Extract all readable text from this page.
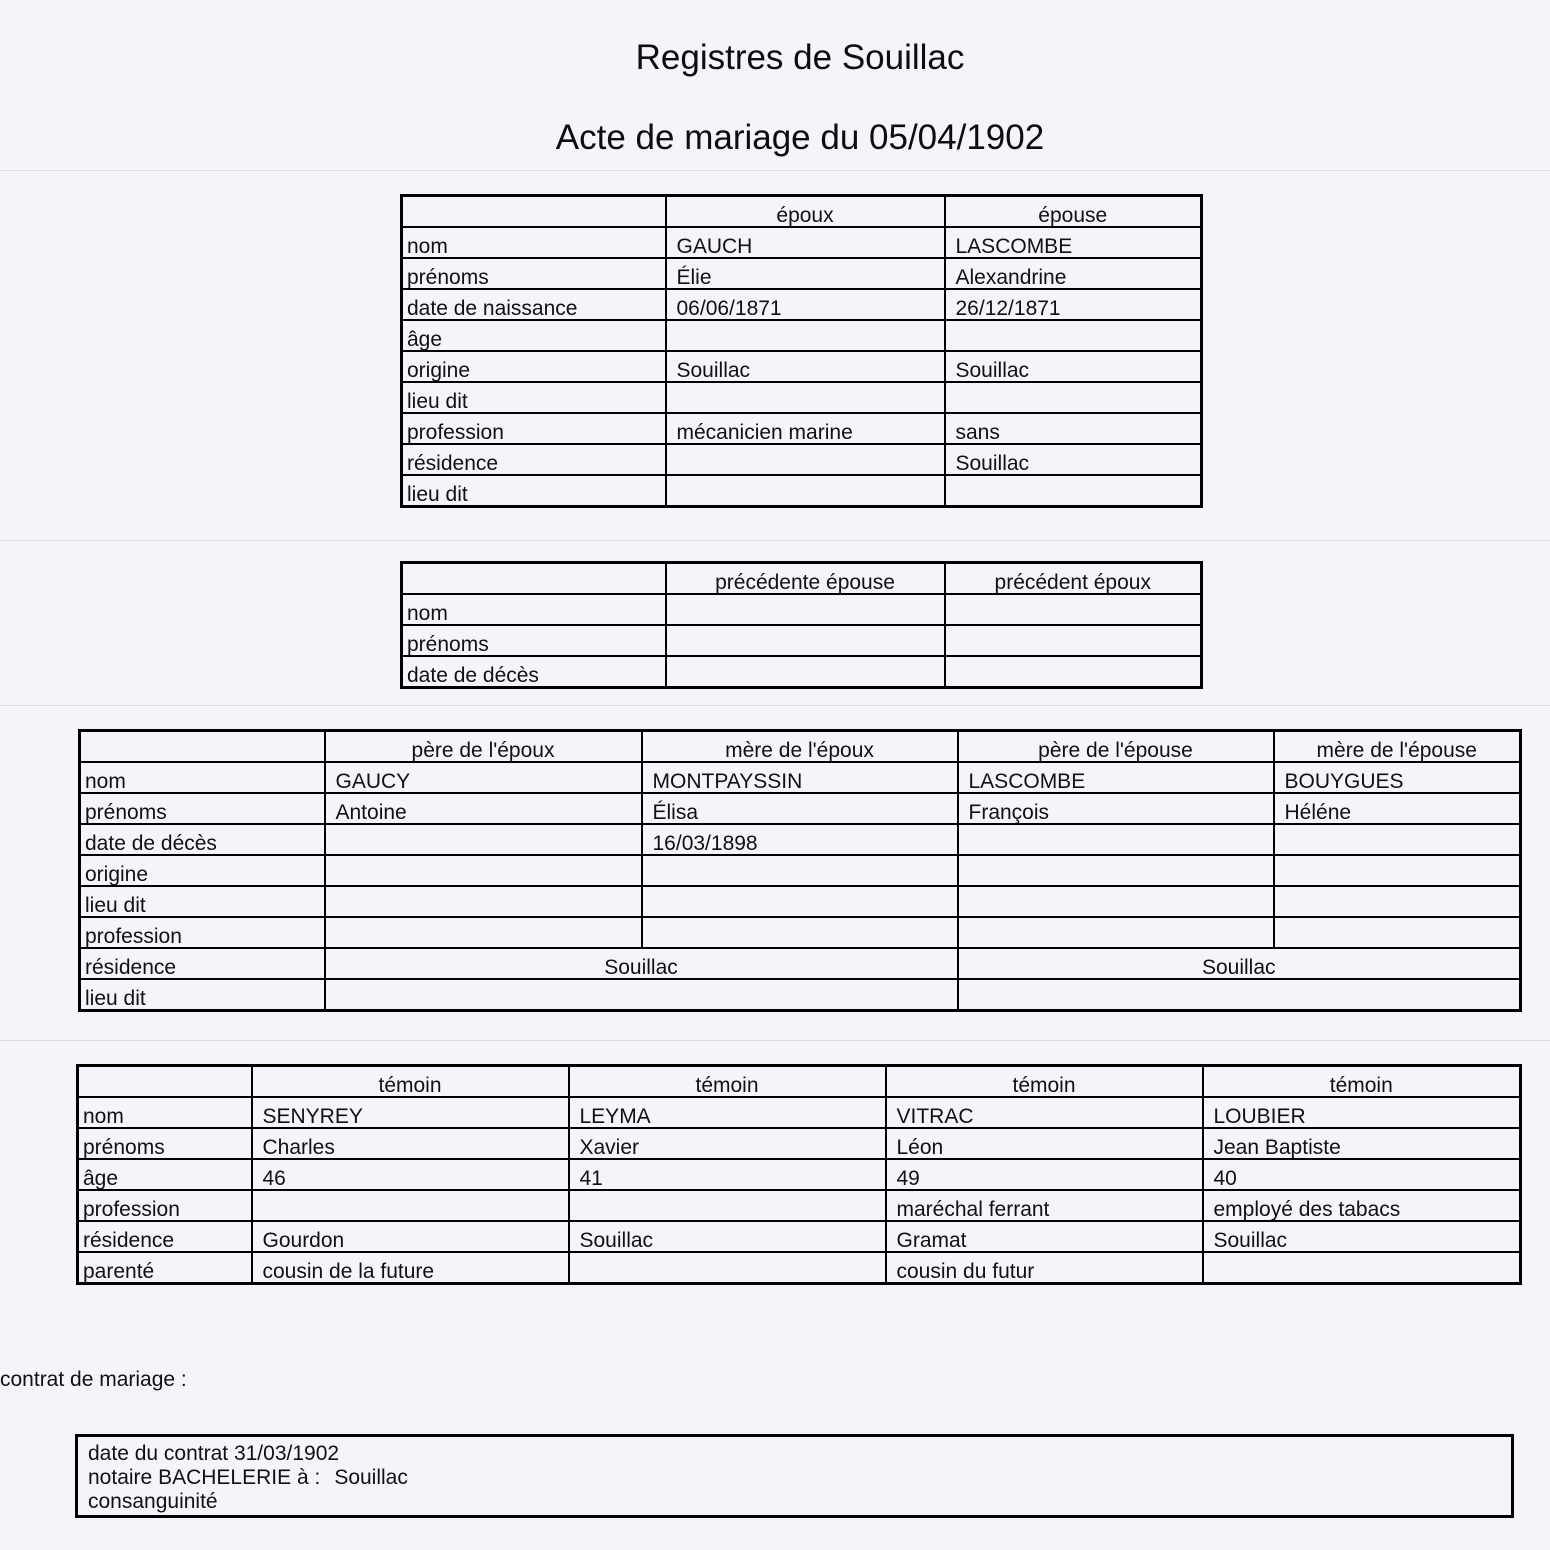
Registres de Souillac
Acte de mariage du 05/04/1902
	époux	épouse
nom	GAUCH	LASCOMBE
prénoms	Élie	Alexandrine
date de naissance	06/06/1871	26/12/1871
âge		
origine	Souillac	Souillac
lieu dit		
profession	mécanicien marine	sans
résidence		Souillac
lieu dit		
	précédente épouse	précédent époux
nom		
prénoms		
date de décès		
	père de l'époux	mère de l'époux	père de l'épouse	mère de l'épouse
nom	GAUCY	MONTPAYSSIN	LASCOMBE	BOUYGUES
prénoms	Antoine	Élisa	François	Héléne
date de décès		16/03/1898		
origine				
lieu dit				
profession				
résidence	Souillac		Souillac	
lieu dit				
	témoin	témoin	témoin	témoin
nom	SENYREY	LEYMA	VITRAC	LOUBIER
prénoms	Charles	Xavier	Léon	Jean Baptiste
âge	46	41	49	40
profession			maréchal ferrant	employé des tabacs
résidence	Gourdon	Souillac	Gramat	Souillac
parenté	cousin de la future		cousin du futur	
contrat de mariage :
date du contrat 31/03/1902
notaire BACHELERIE à : Souillac
consanguinité
